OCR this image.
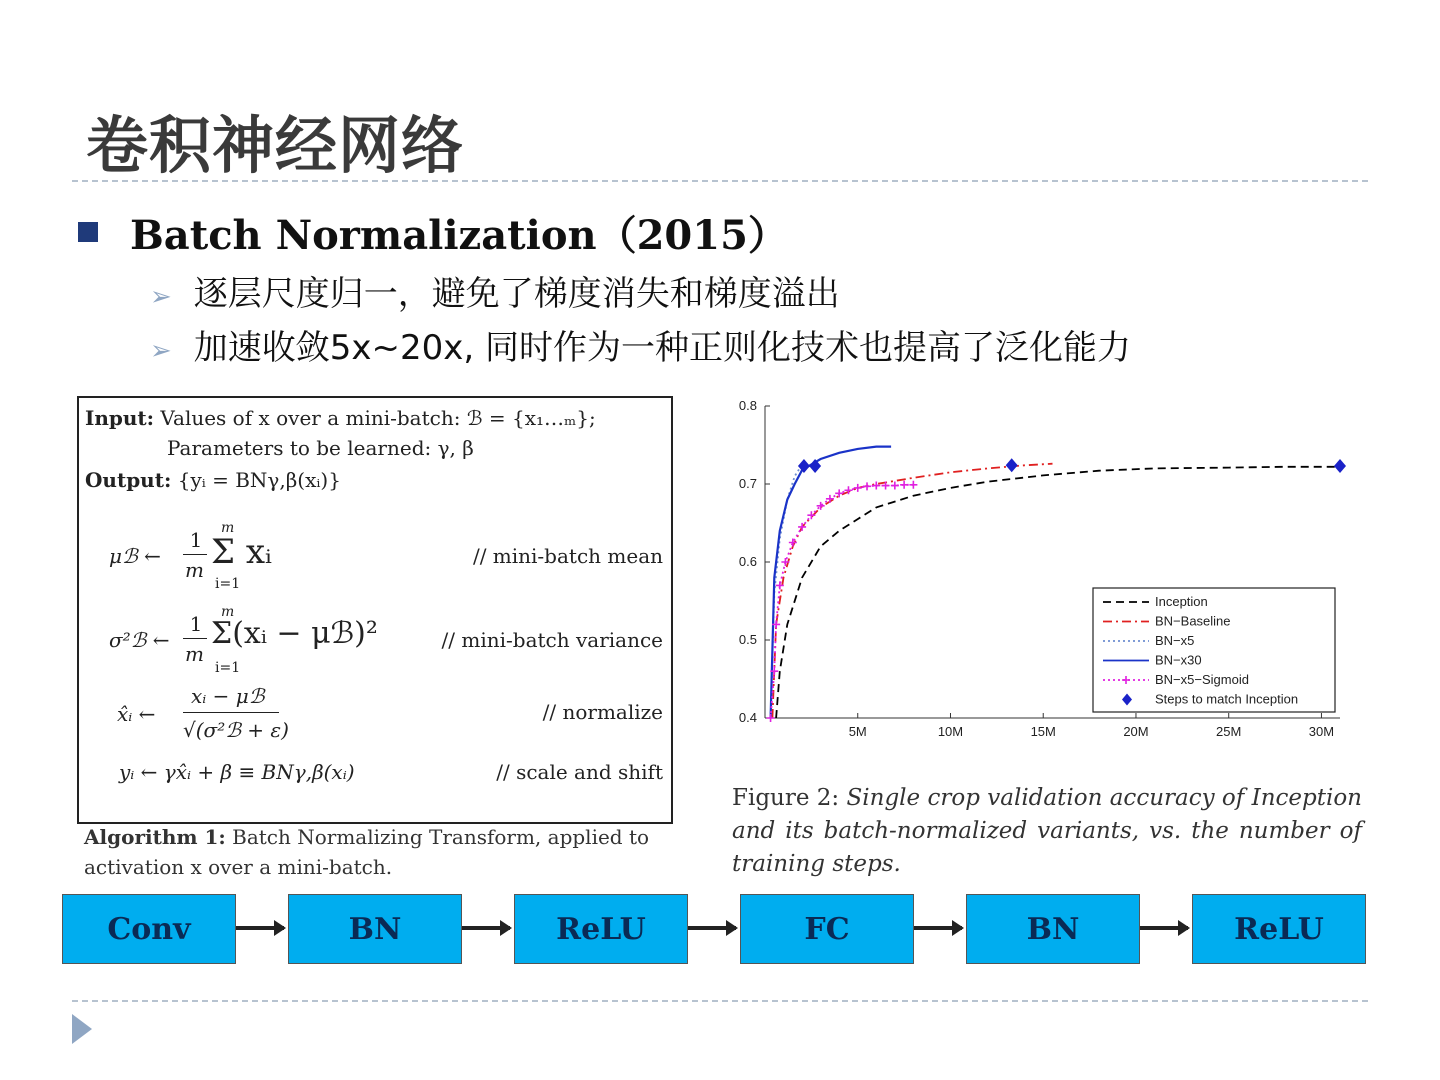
卷积神经网络
Batch Normalization（2015）
➢ 逐层尺度归一，避免了梯度消失和梯度溢出
➢ 加速收敛5x~20x, 同时作为一种正则化技术也提高了泛化能力
Input: Values of x over a mini-batch: ℬ = {x₁…ₘ};
Parameters to be learned: γ, β
Output: {yᵢ = BNγ,β(xᵢ)}
μℬ ←
1
m
m
Σ xᵢ
i=1
// mini-batch mean
σ²ℬ ←
1
m
m
Σ(xᵢ − μℬ)²
i=1
// mini-batch variance
x̂ᵢ ←
xᵢ − μℬ
√(σ²ℬ + ε)
// normalize
yᵢ ← γx̂ᵢ + β ≡ BNγ,β(xᵢ)	// scale and shift
Algorithm 1: Batch Normalizing Transform, applied to activation x over a mini-batch.
0.4
0.5
0.6
0.7
0.8
5M	10M	15M	20M	25M	30M
Inception
BN−Baseline
BN−x5
BN−x30
BN−x5−Sigmoid
Steps to match Inception
Figure 2: Single crop validation accuracy of Inception and its batch-normalized variants, vs. the number of training steps.
Conv	BN	ReLU	FC	BN	ReLU
